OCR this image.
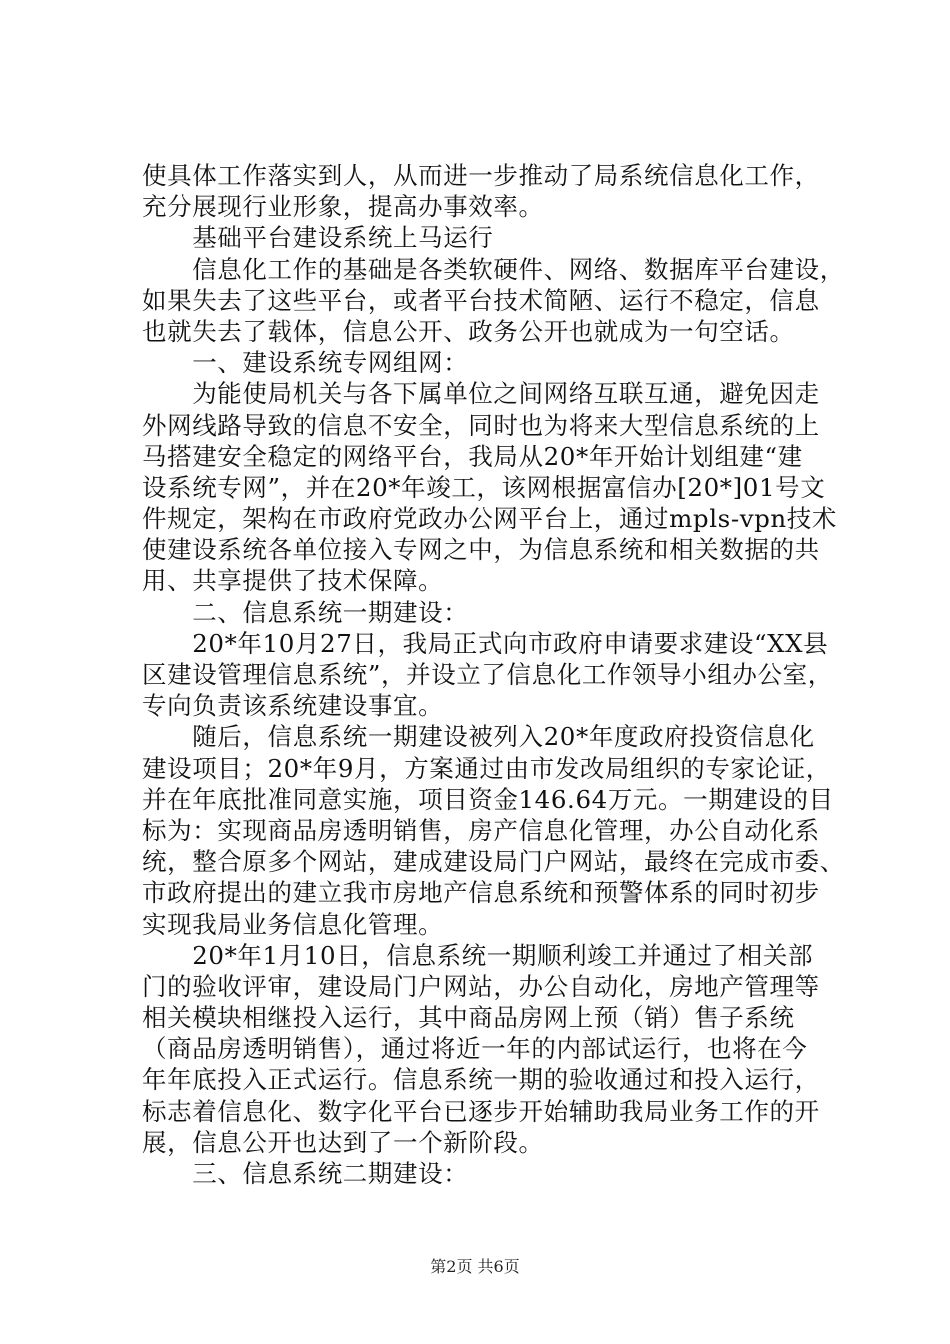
使具体工作落实到人，从而进一步推动了局系统信息化工作，
充分展现行业形象，提高办事效率。
　　基础平台建设系统上马运行
　　信息化工作的基础是各类软硬件、网络、数据库平台建设，
如果失去了这些平台，或者平台技术简陋、运行不稳定，信息
也就失去了载体，信息公开、政务公开也就成为一句空话。
　　一、建设系统专网组网：
　　为能使局机关与各下属单位之间网络互联互通，避免因走
外网线路导致的信息不安全，同时也为将来大型信息系统的上
马搭建安全稳定的网络平台，我局从20*年开始计划组建“建
设系统专网”，并在20*年竣工，该网根据富信办[20*]01号文
件规定，架构在市政府党政办公网平台上，通过mpls-vpn技术
使建设系统各单位接入专网之中，为信息系统和相关数据的共
用、共享提供了技术保障。
　　二、信息系统一期建设：
　　20*年10月27日，我局正式向市政府申请要求建设“XX县
区建设管理信息系统”，并设立了信息化工作领导小组办公室，
专向负责该系统建设事宜。
　　随后，信息系统一期建设被列入20*年度政府投资信息化
建设项目；20*年9月，方案通过由市发改局组织的专家论证，
并在年底批准同意实施，项目资金146.64万元。一期建设的目
标为：实现商品房透明销售，房产信息化管理，办公自动化系
统，整合原多个网站，建成建设局门户网站，最终在完成市委、
市政府提出的建立我市房地产信息系统和预警体系的同时初步
实现我局业务信息化管理。
　　20*年1月10日，信息系统一期顺利竣工并通过了相关部
门的验收评审，建设局门户网站，办公自动化，房地产管理等
相关模块相继投入运行，其中商品房网上预（销）售子系统
（商品房透明销售），通过将近一年的内部试运行，也将在今
年年底投入正式运行。信息系统一期的验收通过和投入运行，
标志着信息化、数字化平台已逐步开始辅助我局业务工作的开
展，信息公开也达到了一个新阶段。
　　三、信息系统二期建设：
第2页 共6页
